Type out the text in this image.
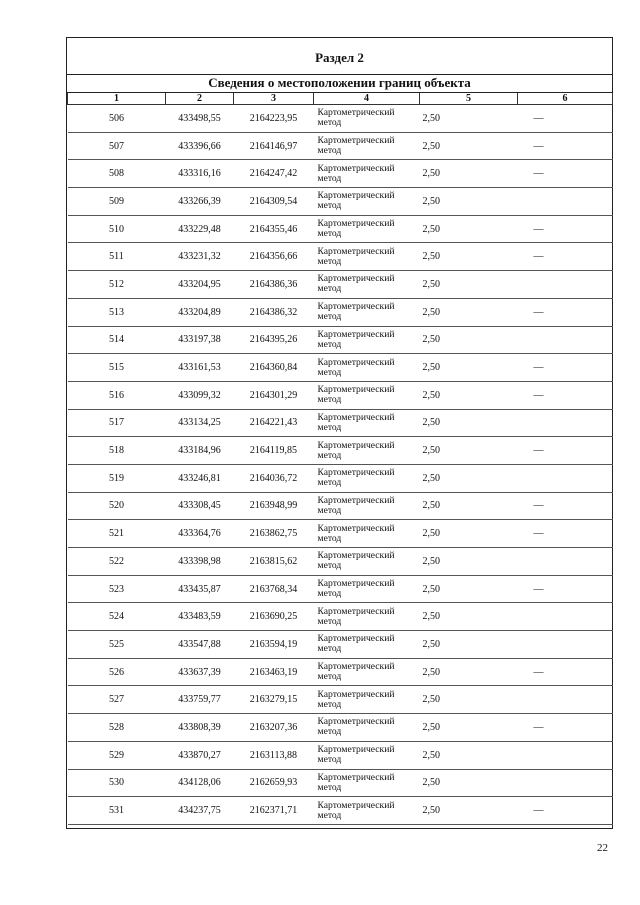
Раздел 2
Сведения о местоположении границ объекта
1	2	3	4	5	6
506	433498,55	2164223,95	Картометрический метод	2,50	—
507	433396,66	2164146,97	Картометрический метод	2,50	—
508	433316,16	2164247,42	Картометрический метод	2,50	—
509	433266,39	2164309,54	Картометрический метод	2,50	
510	433229,48	2164355,46	Картометрический метод	2,50	—
511	433231,32	2164356,66	Картометрический метод	2,50	—
512	433204,95	2164386,36	Картометрический метод	2,50	
513	433204,89	2164386,32	Картометрический метод	2,50	—
514	433197,38	2164395,26	Картометрический метод	2,50	
515	433161,53	2164360,84	Картометрический метод	2,50	—
516	433099,32	2164301,29	Картометрический метод	2,50	—
517	433134,25	2164221,43	Картометрический метод	2,50	
518	433184,96	2164119,85	Картометрический метод	2,50	—
519	433246,81	2164036,72	Картометрический метод	2,50	
520	433308,45	2163948,99	Картометрический метод	2,50	—
521	433364,76	2163862,75	Картометрический метод	2,50	—
522	433398,98	2163815,62	Картометрический метод	2,50	
523	433435,87	2163768,34	Картометрический метод	2,50	—
524	433483,59	2163690,25	Картометрический метод	2,50	
525	433547,88	2163594,19	Картометрический метод	2,50	
526	433637,39	2163463,19	Картометрический метод	2,50	—
527	433759,77	2163279,15	Картометрический метод	2,50	
528	433808,39	2163207,36	Картометрический метод	2,50	—
529	433870,27	2163113,88	Картометрический метод	2,50	
530	434128,06	2162659,93	Картометрический метод	2,50	
531	434237,75	2162371,71	Картометрический метод	2,50	—
22
